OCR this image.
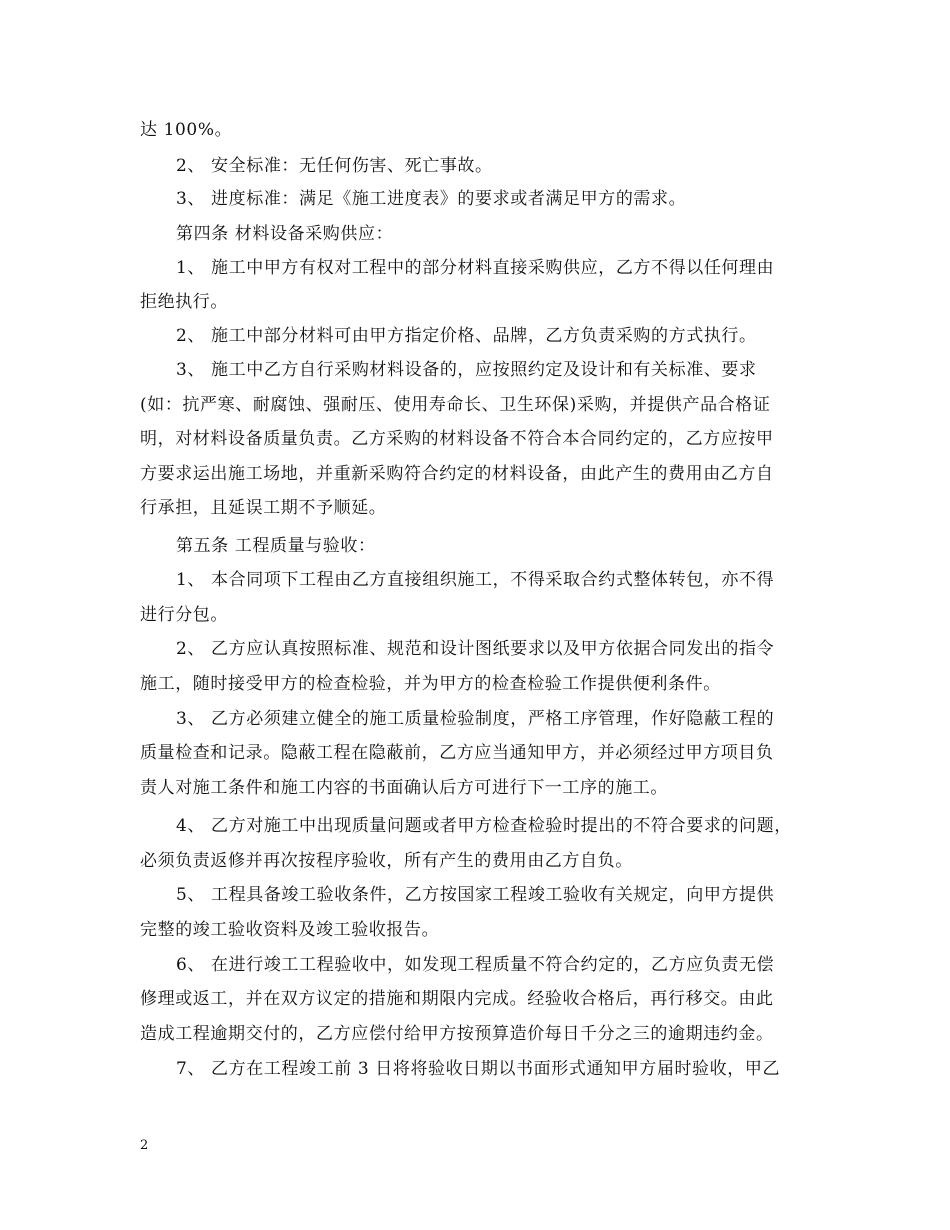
达 100%。
2、 安全标准：无任何伤害、死亡事故。
3、 进度标准：满足《施工进度表》的要求或者满足甲方的需求。
第四条 材料设备采购供应：
1、 施工中甲方有权对工程中的部分材料直接采购供应，乙方不得以任何理由
拒绝执行。
2、 施工中部分材料可由甲方指定价格、品牌，乙方负责采购的方式执行。
3、 施工中乙方自行采购材料设备的，应按照约定及设计和有关标准、要求
(如：抗严寒、耐腐蚀、强耐压、使用寿命长、卫生环保)采购，并提供产品合格证
明，对材料设备质量负责。乙方采购的材料设备不符合本合同约定的，乙方应按甲
方要求运出施工场地，并重新采购符合约定的材料设备，由此产生的费用由乙方自
行承担，且延误工期不予顺延。
第五条 工程质量与验收：
1、 本合同项下工程由乙方直接组织施工，不得采取合约式整体转包，亦不得
进行分包。
2、 乙方应认真按照标准、规范和设计图纸要求以及甲方依据合同发出的指令
施工，随时接受甲方的检查检验，并为甲方的检查检验工作提供便利条件。
3、 乙方必须建立健全的施工质量检验制度，严格工序管理，作好隐蔽工程的
质量检查和记录。隐蔽工程在隐蔽前，乙方应当通知甲方，并必须经过甲方项目负
责人对施工条件和施工内容的书面确认后方可进行下一工序的施工。
4、 乙方对施工中出现质量问题或者甲方检查检验时提出的不符合要求的问题，
必须负责返修并再次按程序验收，所有产生的费用由乙方自负。
5、 工程具备竣工验收条件，乙方按国家工程竣工验收有关规定，向甲方提供
完整的竣工验收资料及竣工验收报告。
6、 在进行竣工工程验收中，如发现工程质量不符合约定的，乙方应负责无偿
修理或返工，并在双方议定的措施和期限内完成。经验收合格后，再行移交。由此
造成工程逾期交付的，乙方应偿付给甲方按预算造价每日千分之三的逾期违约金。
7、 乙方在工程竣工前 3 日将将验收日期以书面形式通知甲方届时验收，甲乙
2
